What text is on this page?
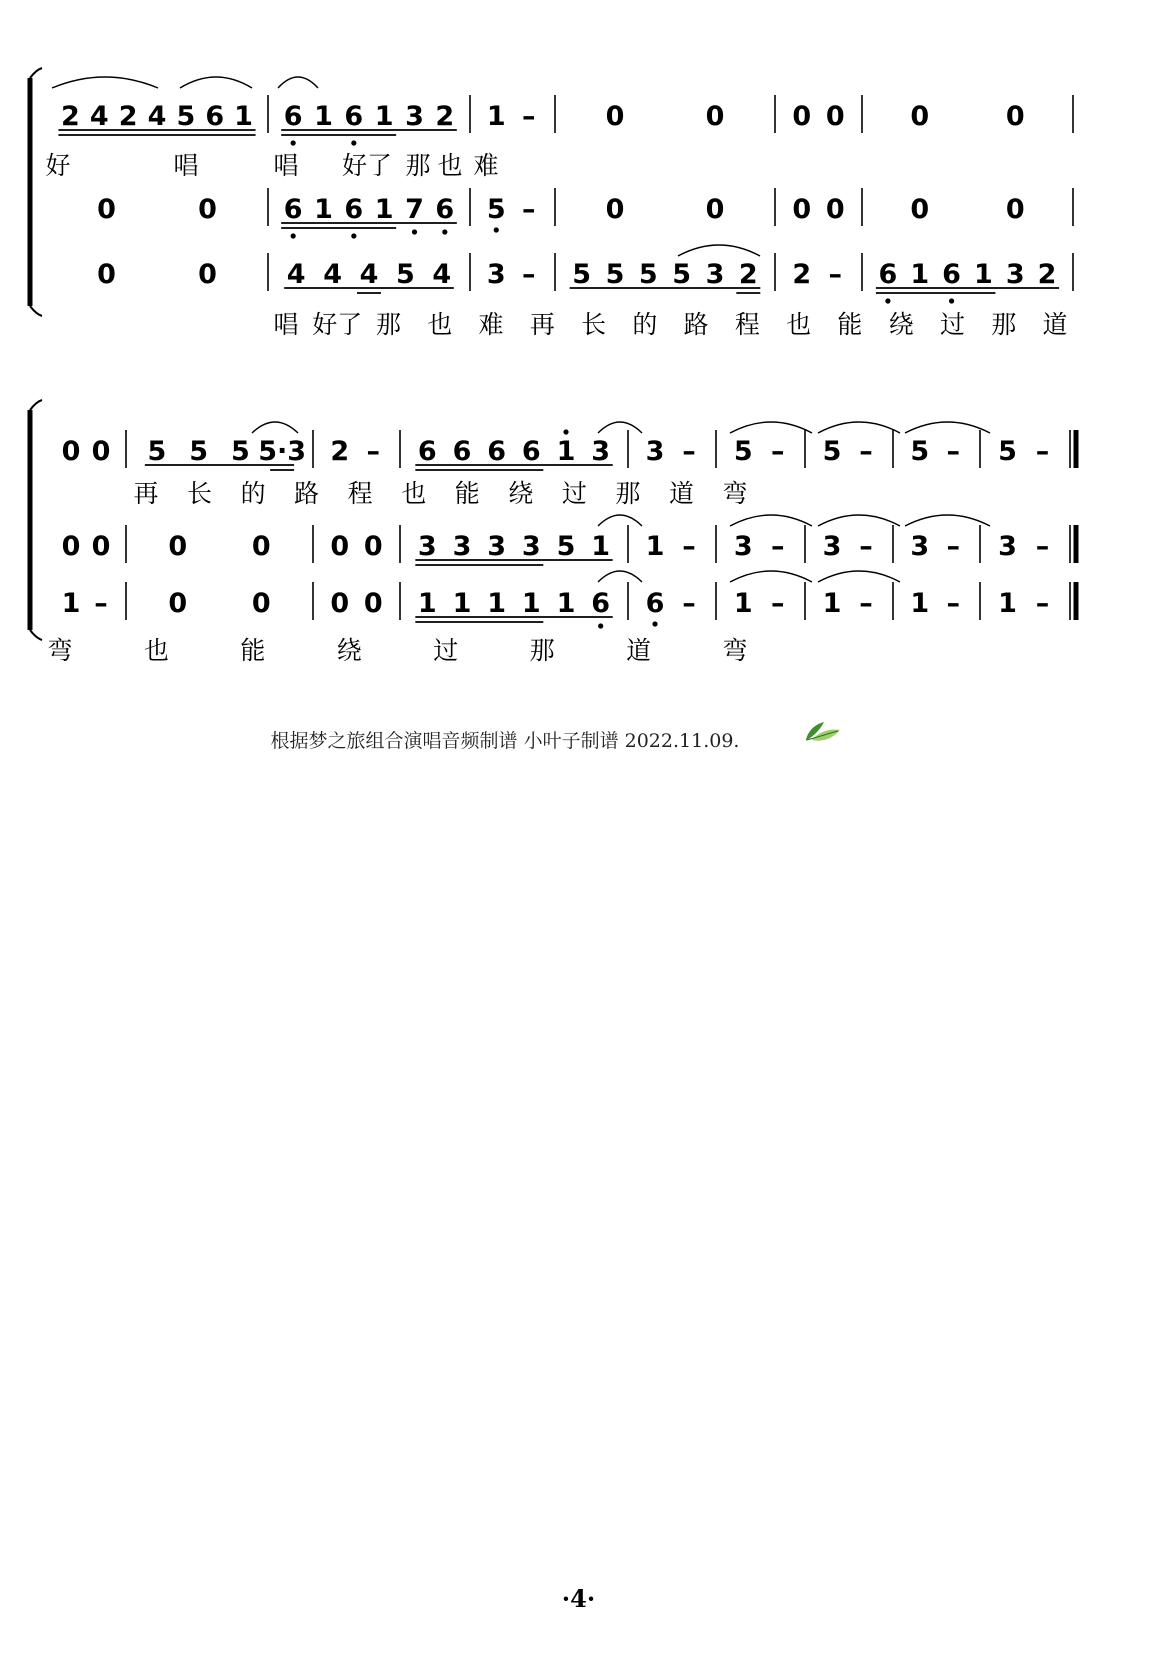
2 4 2 4 5 6 1 6 1 6 1 3 2 1 –	0	0	0 0 0	0
好	唱	唱 好了 那 也 难
0	0 6 1 6 1 7 6 5 –	0	0	0 0 0	0
0	0	4 4 4 5 4 3 – 5 5 5 5 3 2 2 – 6 1 6 1 3 2
唱 好了 那 也 难 再 长 的 路 程 也 能 绕 过 那 道
0 0 5 5 5 5·3 2 – 6 6 6 6 1 3 3 – 5 – 5 – 5 – 5 –
再 长 的 路 程 也 能 绕 过 那 道 弯
0 0 0 0 0 0 3 3 3 3 5 1 1 – 3 – 3 – 3 – 3 –
1 – 0 0 0 0 1 1 1 1 1 6 6 – 1 – 1 – 1 – 1 –
弯	也	能	绕	过	那	道	弯
根据梦之旅组合演唱音频制谱 小叶子制谱 2022.11.09.
·4·
